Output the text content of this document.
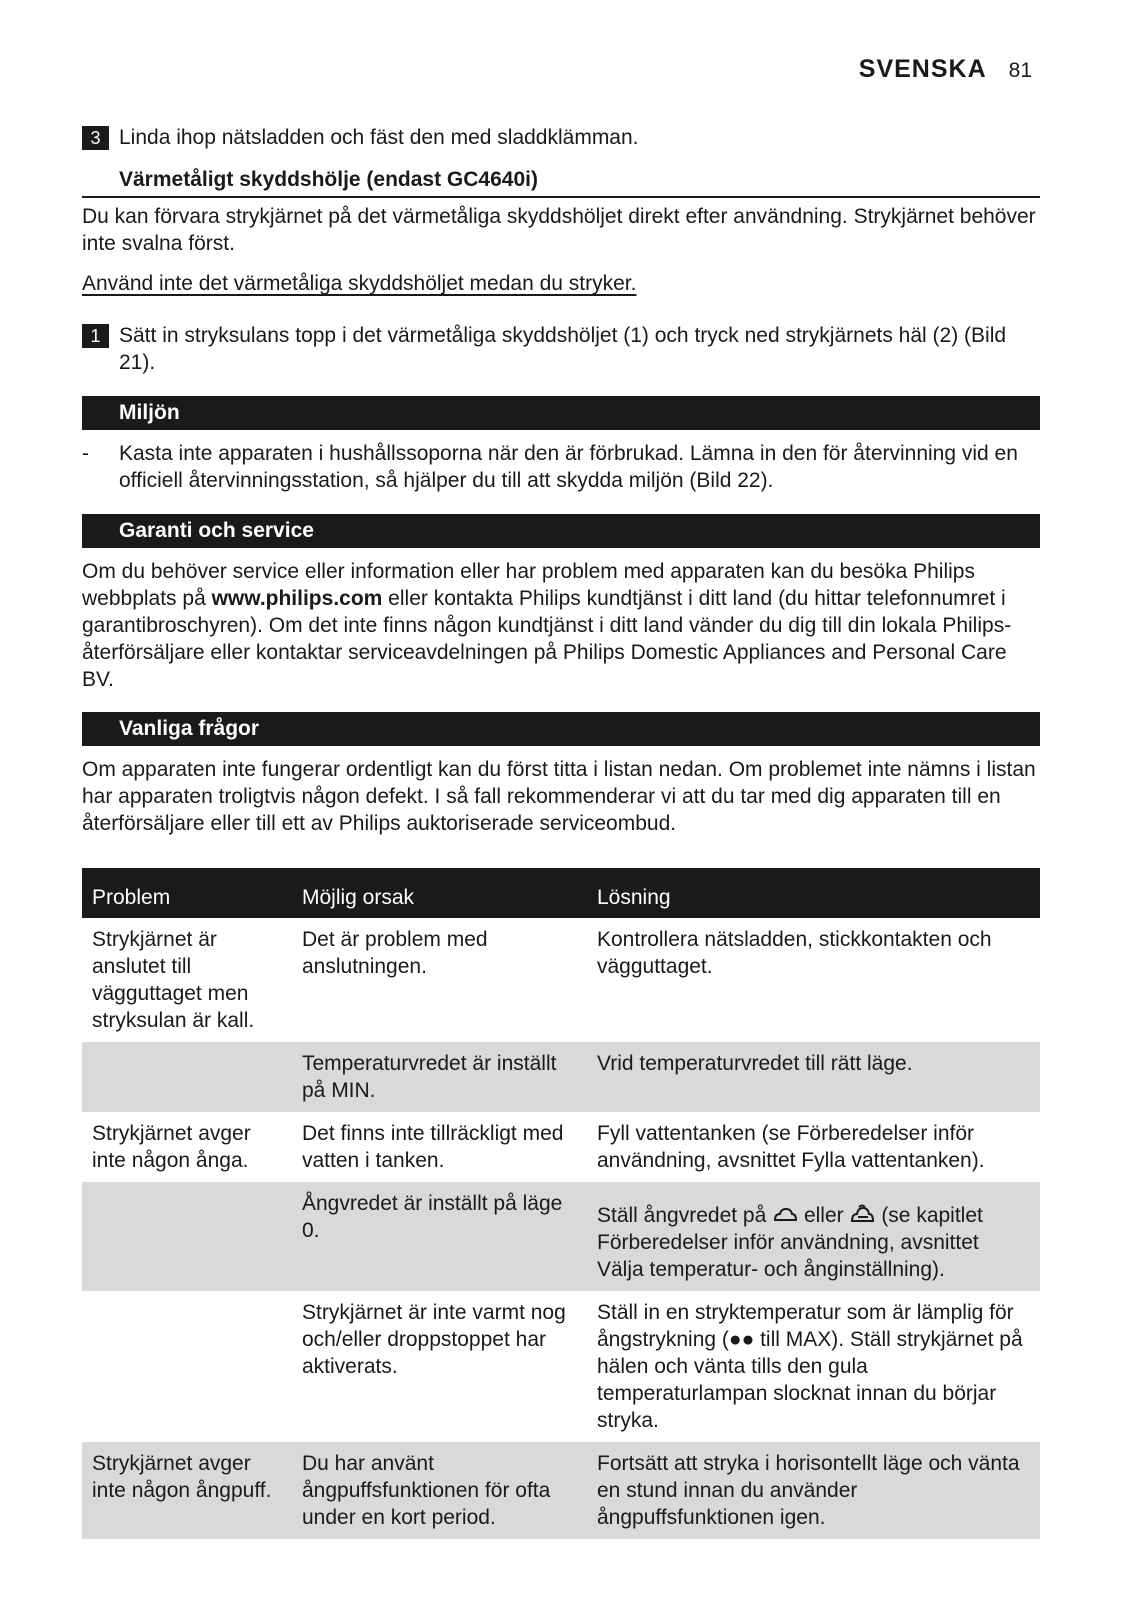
SVENSKA 81
3 Linda ihop nätsladden och fäst den med sladdklämman.
Värmetåligt skyddshölje (endast GC4640i)

Du kan förvara strykjärnet på det värmetåliga skyddshöljet direkt efter användning. Strykjärnet behöver inte svalna först.

Använd inte det värmetåliga skyddshöljet medan du stryker.

1 Sätt in stryksulans topp i det värmetåliga skyddshöljet (1) och tryck ned strykjärnets häl (2) (Bild 21).
Miljön
-	Kasta inte apparaten i hushållssoporna när den är förbrukad. Lämna in den för återvinning vid en officiell återvinningsstation, så hjälper du till att skydda miljön (Bild 22).
Garanti och service

Om du behöver service eller information eller har problem med apparaten kan du besöka Philips webbplats på www.philips.com eller kontakta Philips kundtjänst i ditt land (du hittar telefonnumret i garantibroschyren). Om det inte finns någon kundtjänst i ditt land vänder du dig till din lokala Philips-återförsäljare eller kontaktar serviceavdelningen på Philips Domestic Appliances and Personal Care BV.

Vanliga frågor

Om apparaten inte fungerar ordentligt kan du först titta i listan nedan. Om problemet inte nämns i listan har apparaten troligtvis någon defekt. I så fall rekommenderar vi att du tar med dig apparaten till en återförsäljare eller till ett av Philips auktoriserade serviceombud.

Problem	Möjlig orsak	Lösning
Strykjärnet är anslutet till vägguttaget men stryksulan är kall.	Det är problem med anslutningen.	Kontrollera nätsladden, stickkontakten och vägguttaget.
	Temperaturvredet är inställt på MIN.	Vrid temperaturvredet till rätt läge.
Strykjärnet avger inte någon ånga.	Det finns inte tillräckligt med vatten i tanken.	Fyll vattentanken (se Förberedelser inför användning, avsnittet Fylla vattentanken).
	Ångvredet är inställt på läge 0.	Ställ ångvredet på  eller  (se kapitlet Förberedelser inför användning, avsnittet Välja temperatur- och ånginställning).
	Strykjärnet är inte varmt nog och/eller droppstoppet har aktiverats.	Ställ in en stryktemperatur som är lämplig för ångstrykning (●● till MAX). Ställ strykjärnet på hälen och vänta tills den gula temperaturlampan slocknat innan du börjar stryka.
Strykjärnet avger inte någon ångpuff.	Du har använt ångpuffsfunktionen för ofta under en kort period.	Fortsätt att stryka i horisontellt läge och vänta en stund innan du använder ångpuffsfunktionen igen.
